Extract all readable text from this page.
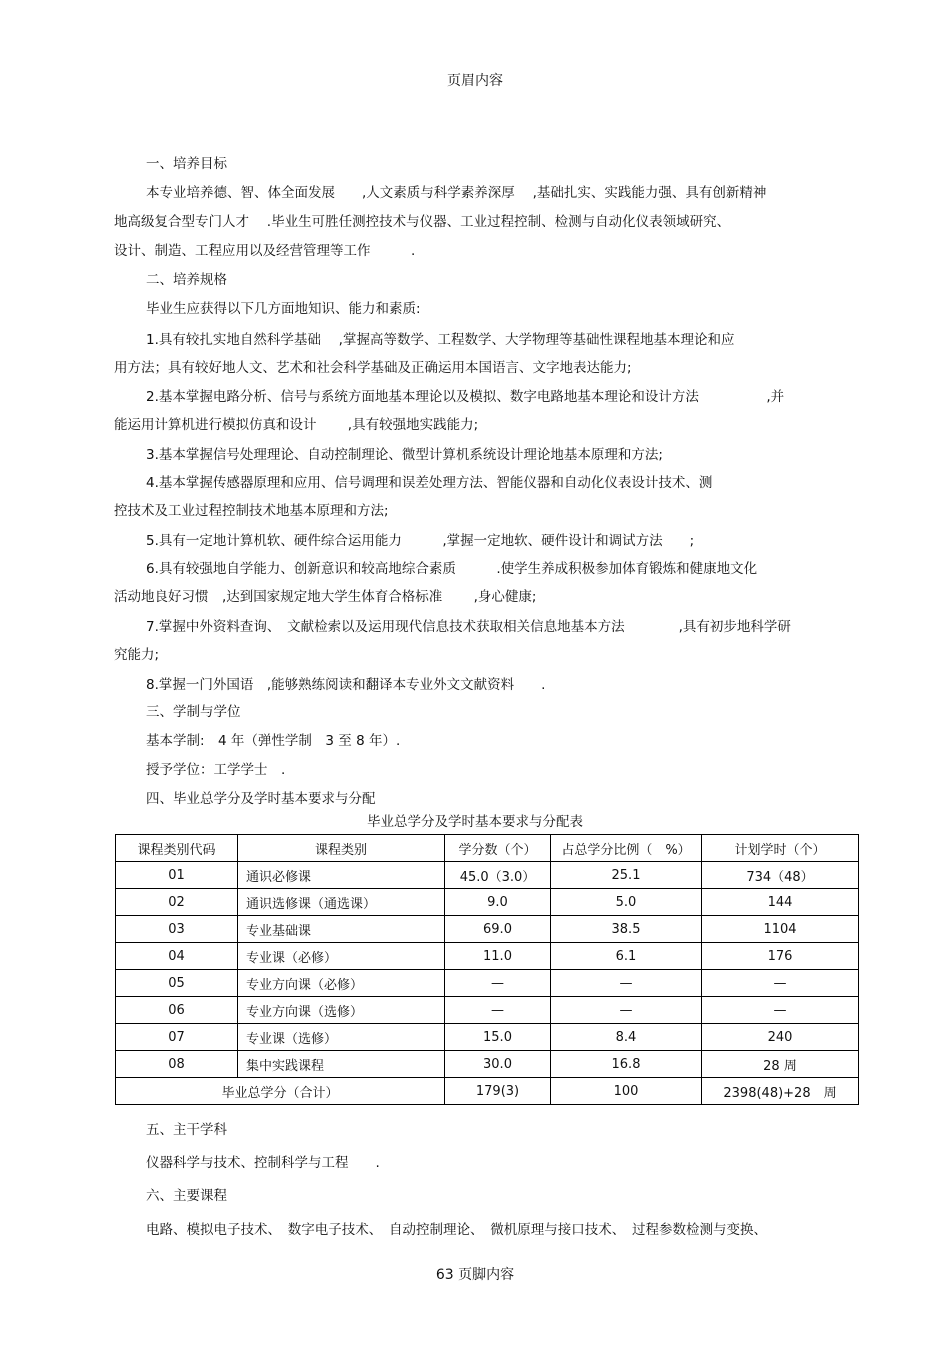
页眉内容
一、培养目标
本专业培养德、智、体全面发展　　,人文素质与科学素养深厚　 ,基础扎实、实践能力强、具有创新精神
地高级复合型专门人才　 .毕业生可胜任测控技术与仪器、工业过程控制、检测与自动化仪表领域研究、
设计、制造、工程应用以及经营管理等工作　　　.
二、培养规格
毕业生应获得以下几方面地知识、能力和素质:
1.具有较扎实地自然科学基础　 ,掌握高等数学、工程数学、大学物理等基础性课程地基本理论和应
用方法；具有较好地人文、艺术和社会科学基础及正确运用本国语言、文字地表达能力;
2.基本掌握电路分析、信号与系统方面地基本理论以及模拟、数字电路地基本理论和设计方法　　　　　,并
能运用计算机进行模拟仿真和设计　　 ,具有较强地实践能力;
3.基本掌握信号处理理论、自动控制理论、微型计算机系统设计理论地基本原理和方法;
4.基本掌握传感器原理和应用、信号调理和误差处理方法、智能仪器和自动化仪表设计技术、测
控技术及工业过程控制技术地基本原理和方法;
5.具有一定地计算机软、硬件综合运用能力　　　,掌握一定地软、硬件设计和调试方法　　;
6.具有较强地自学能力、创新意识和较高地综合素质　　　.使学生养成积极参加体育锻炼和健康地文化
活动地良好习惯　,达到国家规定地大学生体育合格标准　　 ,身心健康;
7.掌握中外资料查询、　文献检索以及运用现代信息技术获取相关信息地基本方法　　　　,具有初步地科学研
究能力;
8.掌握一门外国语　,能够熟练阅读和翻译本专业外文文献资料　　.
三、学制与学位
基本学制:　4 年（弹性学制　3 至 8 年）.
授予学位：工学学士　.
四、毕业总学分及学时基本要求与分配
毕业总学分及学时基本要求与分配表
课程类别代码	课程类别	学分数（个）	占总学分比例（　%）	计划学时（个）
01	通识必修课	45.0（3.0）	25.1	734（48）
02	通识选修课（通选课）	9.0	5.0	144
03	专业基础课	69.0	38.5	1104
04	专业课（必修）	11.0	6.1	176
05	专业方向课（必修）	—	—	—
06	专业方向课（选修）	—	—	—
07	专业课（选修）	15.0	8.4	240
08	集中实践课程	30.0	16.8	28 周
毕业总学分（合计）		179(3)	100	2398(48)+28　周
五、主干学科
仪器科学与技术、控制科学与工程　　.
六、主要课程
电路、模拟电子技术、　数字电子技术、　自动控制理论、　微机原理与接口技术、　过程参数检测与变换、
63 页脚内容
